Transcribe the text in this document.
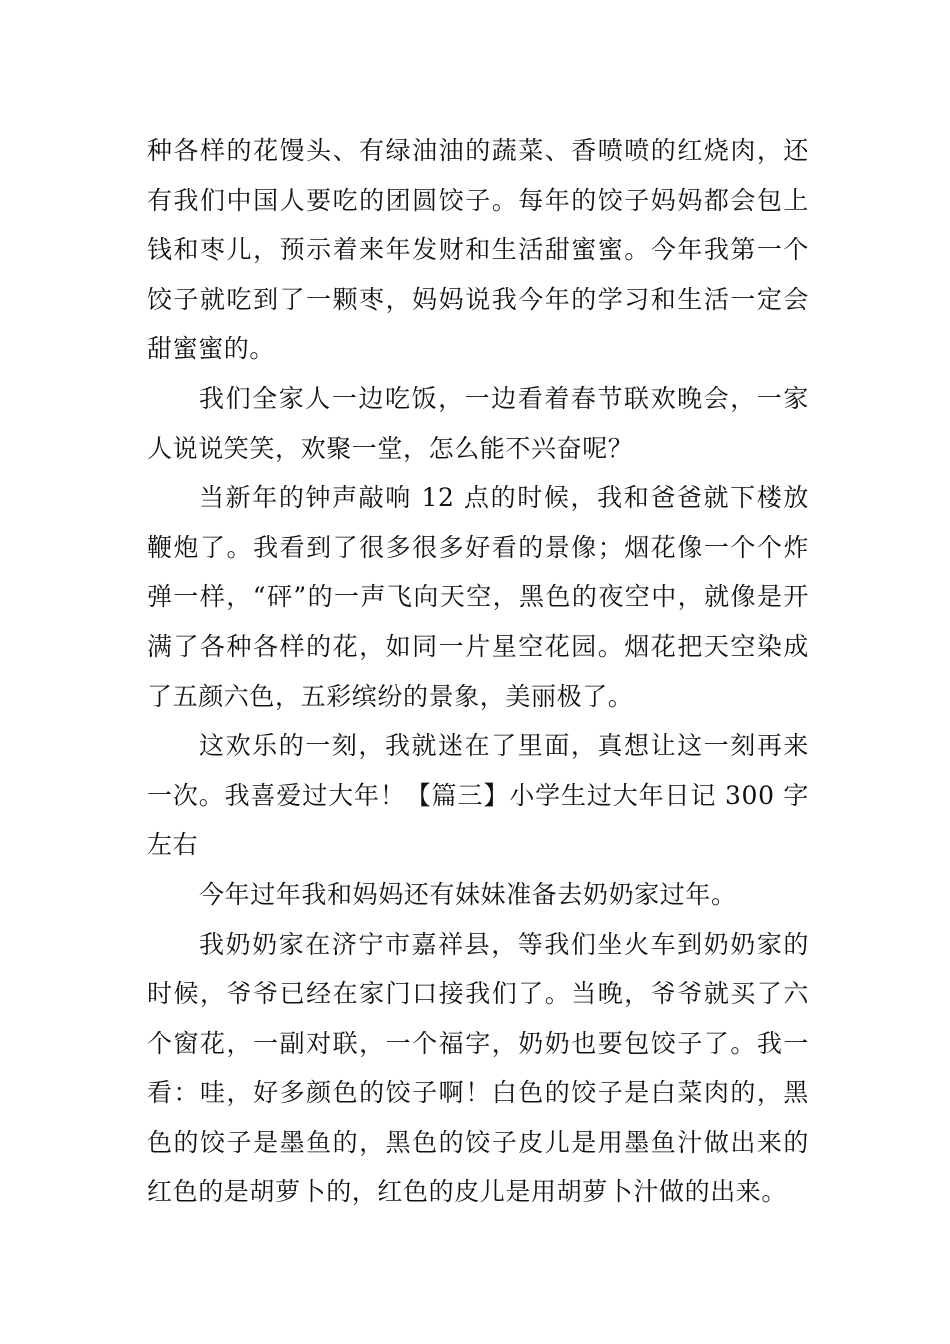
种各样的花馒头、有绿油油的蔬菜、香喷喷的红烧肉，还有我们中国人要吃的团圆饺子。每年的饺子妈妈都会包上钱和枣儿，预示着来年发财和生活甜蜜蜜。今年我第一个饺子就吃到了一颗枣，妈妈说我今年的学习和生活一定会甜蜜蜜的。

我们全家人一边吃饭，一边看着春节联欢晚会，一家人说说笑笑，欢聚一堂，怎么能不兴奋呢？

当新年的钟声敲响 12 点的时候，我和爸爸就下楼放鞭炮了。我看到了很多很多好看的景像；烟花像一个个炸弹一样，“砰”的一声飞向天空，黑色的夜空中，就像是开满了各种各样的花，如同一片星空花园。烟花把天空染成了五颜六色，五彩缤纷的景象，美丽极了。

这欢乐的一刻，我就迷在了里面，真想让这一刻再来一次。我喜爱过大年！【篇三】小学生过大年日记 300 字左右

今年过年我和妈妈还有妹妹准备去奶奶家过年。

我奶奶家在济宁市嘉祥县，等我们坐火车到奶奶家的时候，爷爷已经在家门口接我们了。当晚，爷爷就买了六个窗花，一副对联，一个福字，奶奶也要包饺子了。我一看：哇，好多颜色的饺子啊！白色的饺子是白菜肉的，黑色的饺子是墨鱼的，黑色的饺子皮儿是用墨鱼汁做出来的红色的是胡萝卜的，红色的皮儿是用胡萝卜汁做的出来。
